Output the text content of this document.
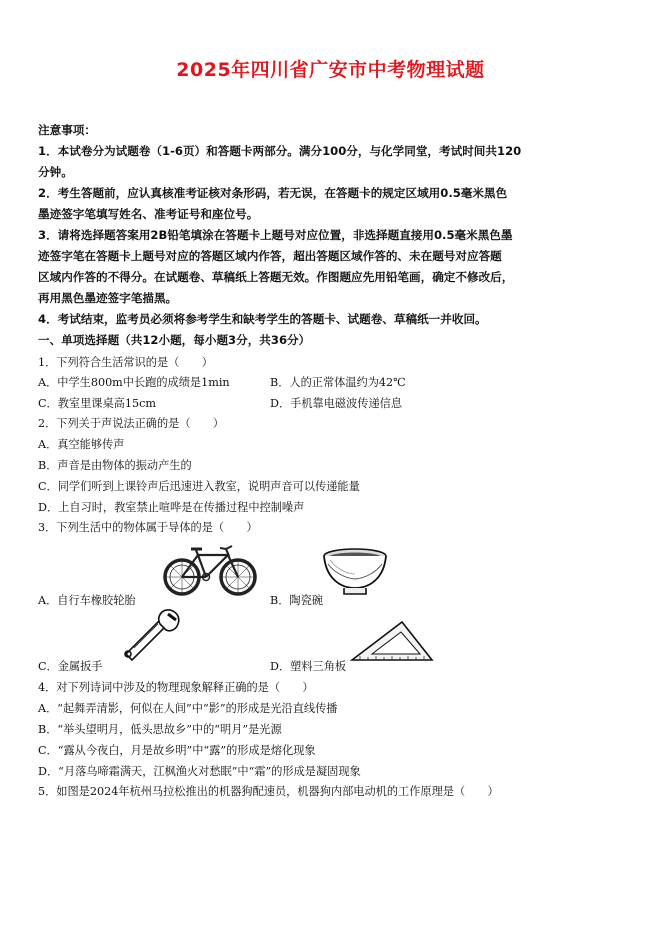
2025年四川省广安市中考物理试题
注意事项：
1．本试卷分为试题卷（1-6页）和答题卡两部分。满分100分，与化学同堂，考试时间共120
分钟。
2．考生答题前，应认真核准考证核对条形码，若无误，在答题卡的规定区域用0.5毫米黑色
墨迹签字笔填写姓名、准考证号和座位号。
3．请将选择题答案用2B铅笔填涂在答题卡上题号对应位置，非选择题直接用0.5毫米黑色墨
迹签字笔在答题卡上题号对应的答题区域内作答，超出答题区域作答的、未在题号对应答题
区域内作答的不得分。在试题卷、草稿纸上答题无效。作图题应先用铅笔画，确定不修改后，
再用黑色墨迹签字笔描黑。
4．考试结束，监考员必须将参考学生和缺考学生的答题卡、试题卷、草稿纸一并收回。
一、单项选择题（共12小题，每小题3分，共36分）
1．下列符合生活常识的是（　　）
A．中学生800m中长跑的成绩是1min	B．人的正常体温约为42℃
C．教室里课桌高15cm	D．手机靠电磁波传递信息
2．下列关于声说法正确的是（　　）
A．真空能够传声
B．声音是由物体的振动产生的
C．同学们听到上课铃声后迅速进入教室，说明声音可以传递能量
D．上自习时，教室禁止喧哗是在传播过程中控制噪声
3．下列生活中的物体属于导体的是（　　）
A．自行车橡胶轮胎	B．陶瓷碗
C．金属扳手	D．塑料三角板
4．对下列诗词中涉及的物理现象解释正确的是（　　）
A．“起舞弄清影，何似在人间”中“影”的形成是光沿直线传播
B．“举头望明月，低头思故乡”中的“明月”是光源
C．“露从今夜白，月是故乡明”中“露”的形成是熔化现象
D．“月落乌啼霜满天，江枫渔火对愁眠”中“霜”的形成是凝固现象
5．如图是2024年杭州马拉松推出的机器狗配速员，机器狗内部电动机的工作原理是（　　）
